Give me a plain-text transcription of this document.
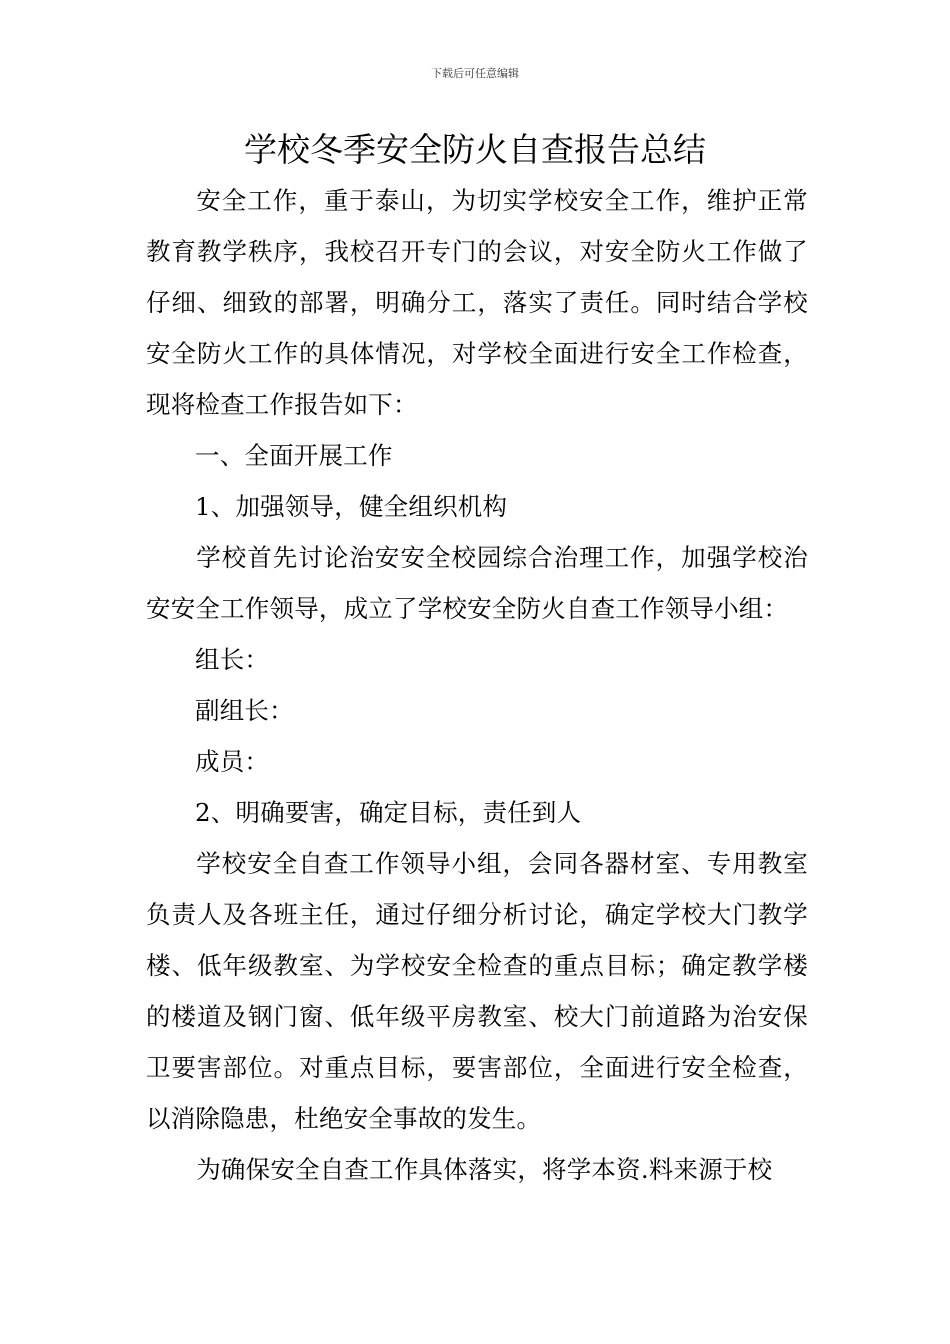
下载后可任意编辑
学校冬季安全防火自查报告总结

安全工作，重于泰山，为切实学校安全工作，维护正常教育教学秩序，我校召开专门的会议，对安全防火工作做了仔细、细致的部署，明确分工，落实了责任。同时结合学校安全防火工作的具体情况，对学校全面进行安全工作检查，现将检查工作报告如下：

一、全面开展工作

1、加强领导，健全组织机构

学校首先讨论治安安全校园综合治理工作，加强学校治安安全工作领导，成立了学校安全防火自查工作领导小组：

组长：

副组长：

成员：

2、明确要害，确定目标，责任到人

学校安全自查工作领导小组，会同各器材室、专用教室负责人及各班主任，通过仔细分析讨论，确定学校大门教学楼、低年级教室、为学校安全检查的重点目标；确定教学楼的楼道及钢门窗、低年级平房教室、校大门前道路为治安保卫要害部位。对重点目标，要害部位，全面进行安全检查，以消除隐患，杜绝安全事故的发生。

为确保安全自查工作具体落实，将学本资.料来源于校
